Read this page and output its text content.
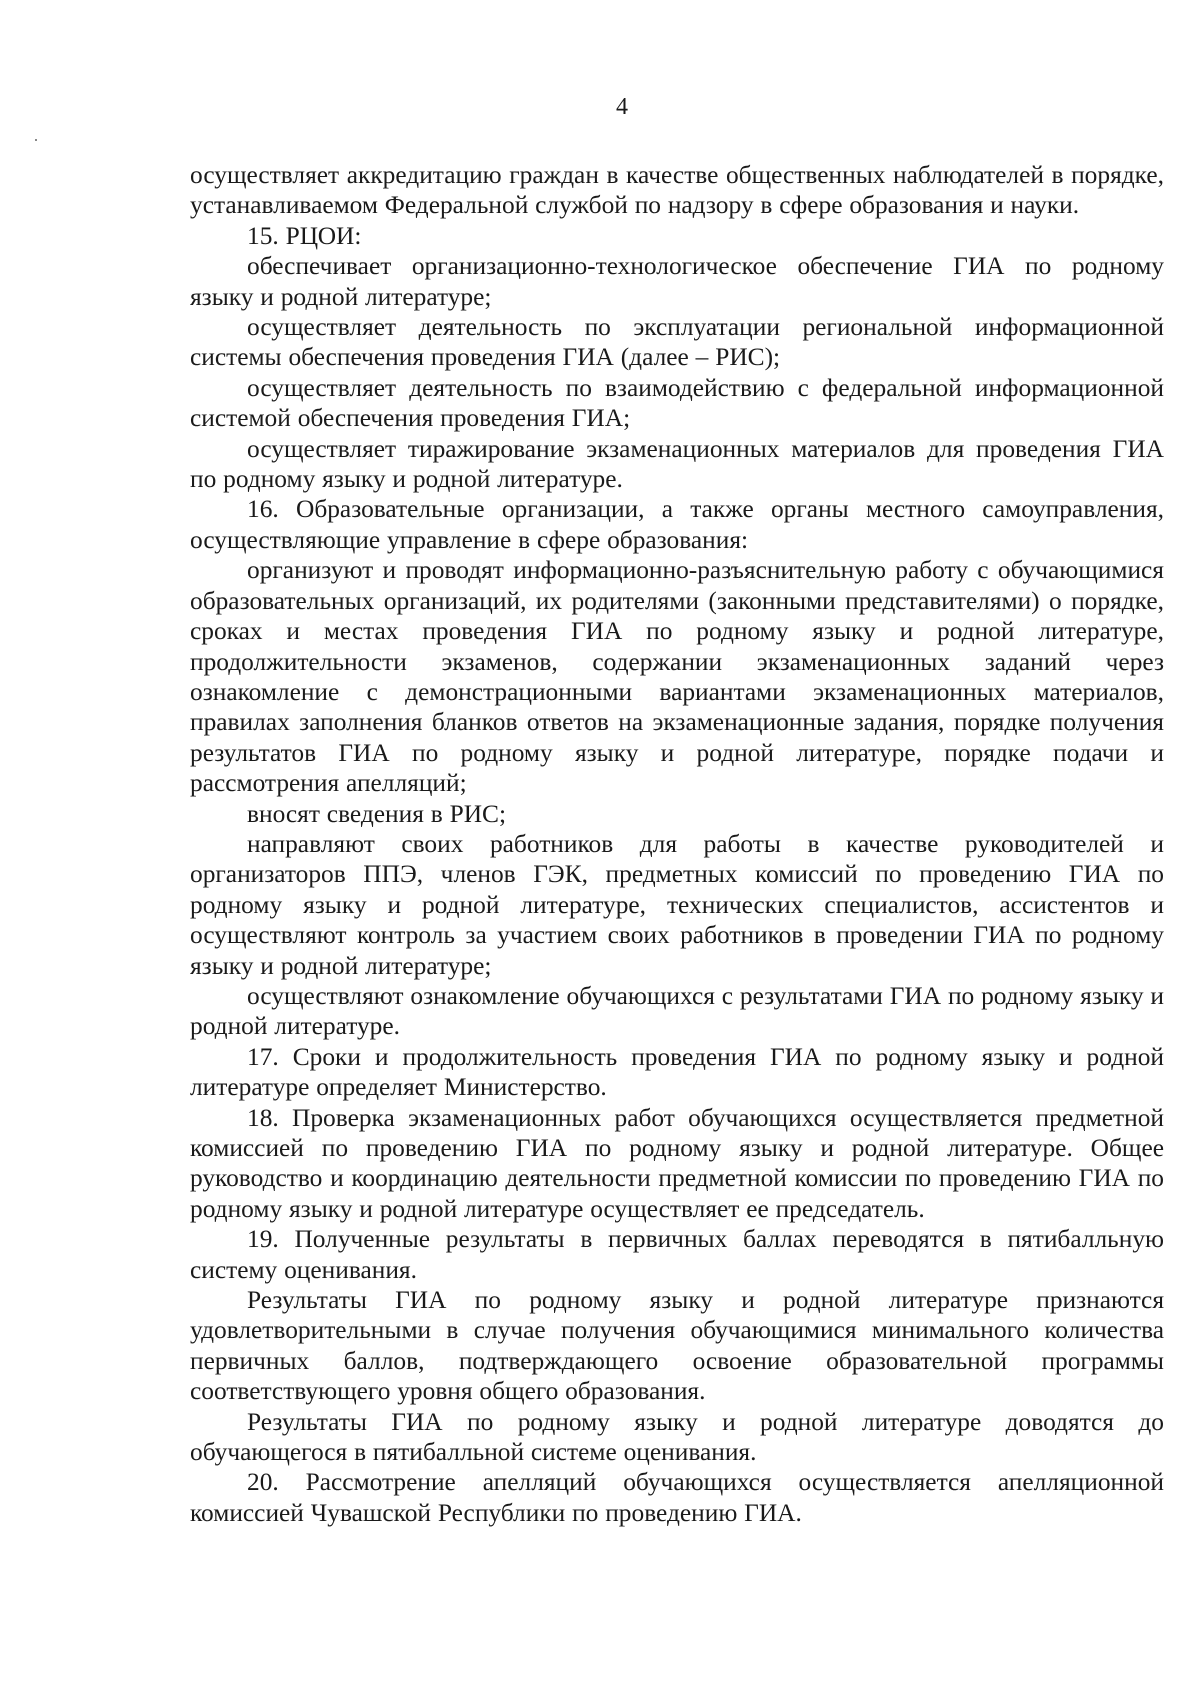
4

осуществляет аккредитацию граждан в качестве общественных наблюдателей в порядке, устанавливаемом Федеральной службой по надзору в сфере образования и науки.

15. РЦОИ:

обеспечивает организационно-технологическое обеспечение ГИА по родному языку и родной литературе;

осуществляет деятельность по эксплуатации региональной информационной системы обеспечения проведения ГИА (далее – РИС);

осуществляет деятельность по взаимодействию с федеральной информационной системой обеспечения проведения ГИА;

осуществляет тиражирование экзаменационных материалов для проведения ГИА по родному языку и родной литературе.

16. Образовательные организации, а также органы местного самоуправления, осуществляющие управление в сфере образования:

организуют и проводят информационно-разъяснительную работу с обучающимися образовательных организаций, их родителями (законными представителями) о порядке, сроках и местах проведения ГИА по родному языку и родной литературе, продолжительности экзаменов, содержании экзаменационных заданий через ознакомление с демонстрационными вариантами экзаменационных материалов, правилах заполнения бланков ответов на экзаменационные задания, порядке получения результатов ГИА по родному языку и родной литературе, порядке подачи и рассмотрения апелляций;

вносят сведения в РИС;

направляют своих работников для работы в качестве руководителей и организаторов ППЭ, членов ГЭК, предметных комиссий по проведению ГИА по родному языку и родной литературе, технических специалистов, ассистентов и осуществляют контроль за участием своих работников в проведении ГИА по родному языку и родной литературе;

осуществляют ознакомление обучающихся с результатами ГИА по родному языку и родной литературе.

17. Сроки и продолжительность проведения ГИА по родному языку и родной литературе определяет Министерство.

18. Проверка экзаменационных работ обучающихся осуществляется предметной комиссией по проведению ГИА по родному языку и родной литературе. Общее руководство и координацию деятельности предметной комиссии по проведению ГИА по родному языку и родной литературе осуществляет ее председатель.

19. Полученные результаты в первичных баллах переводятся в пятибалльную систему оценивания.

Результаты ГИА по родному языку и родной литературе признаются удовлетворительными в случае получения обучающимися минимального количества первичных баллов, подтверждающего освоение образовательной программы соответствующего уровня общего образования.

Результаты ГИА по родному языку и родной литературе доводятся до обучающегося в пятибалльной системе оценивания.

20. Рассмотрение апелляций обучающихся осуществляется апелляционной комиссией Чувашской Республики по проведению ГИА.
